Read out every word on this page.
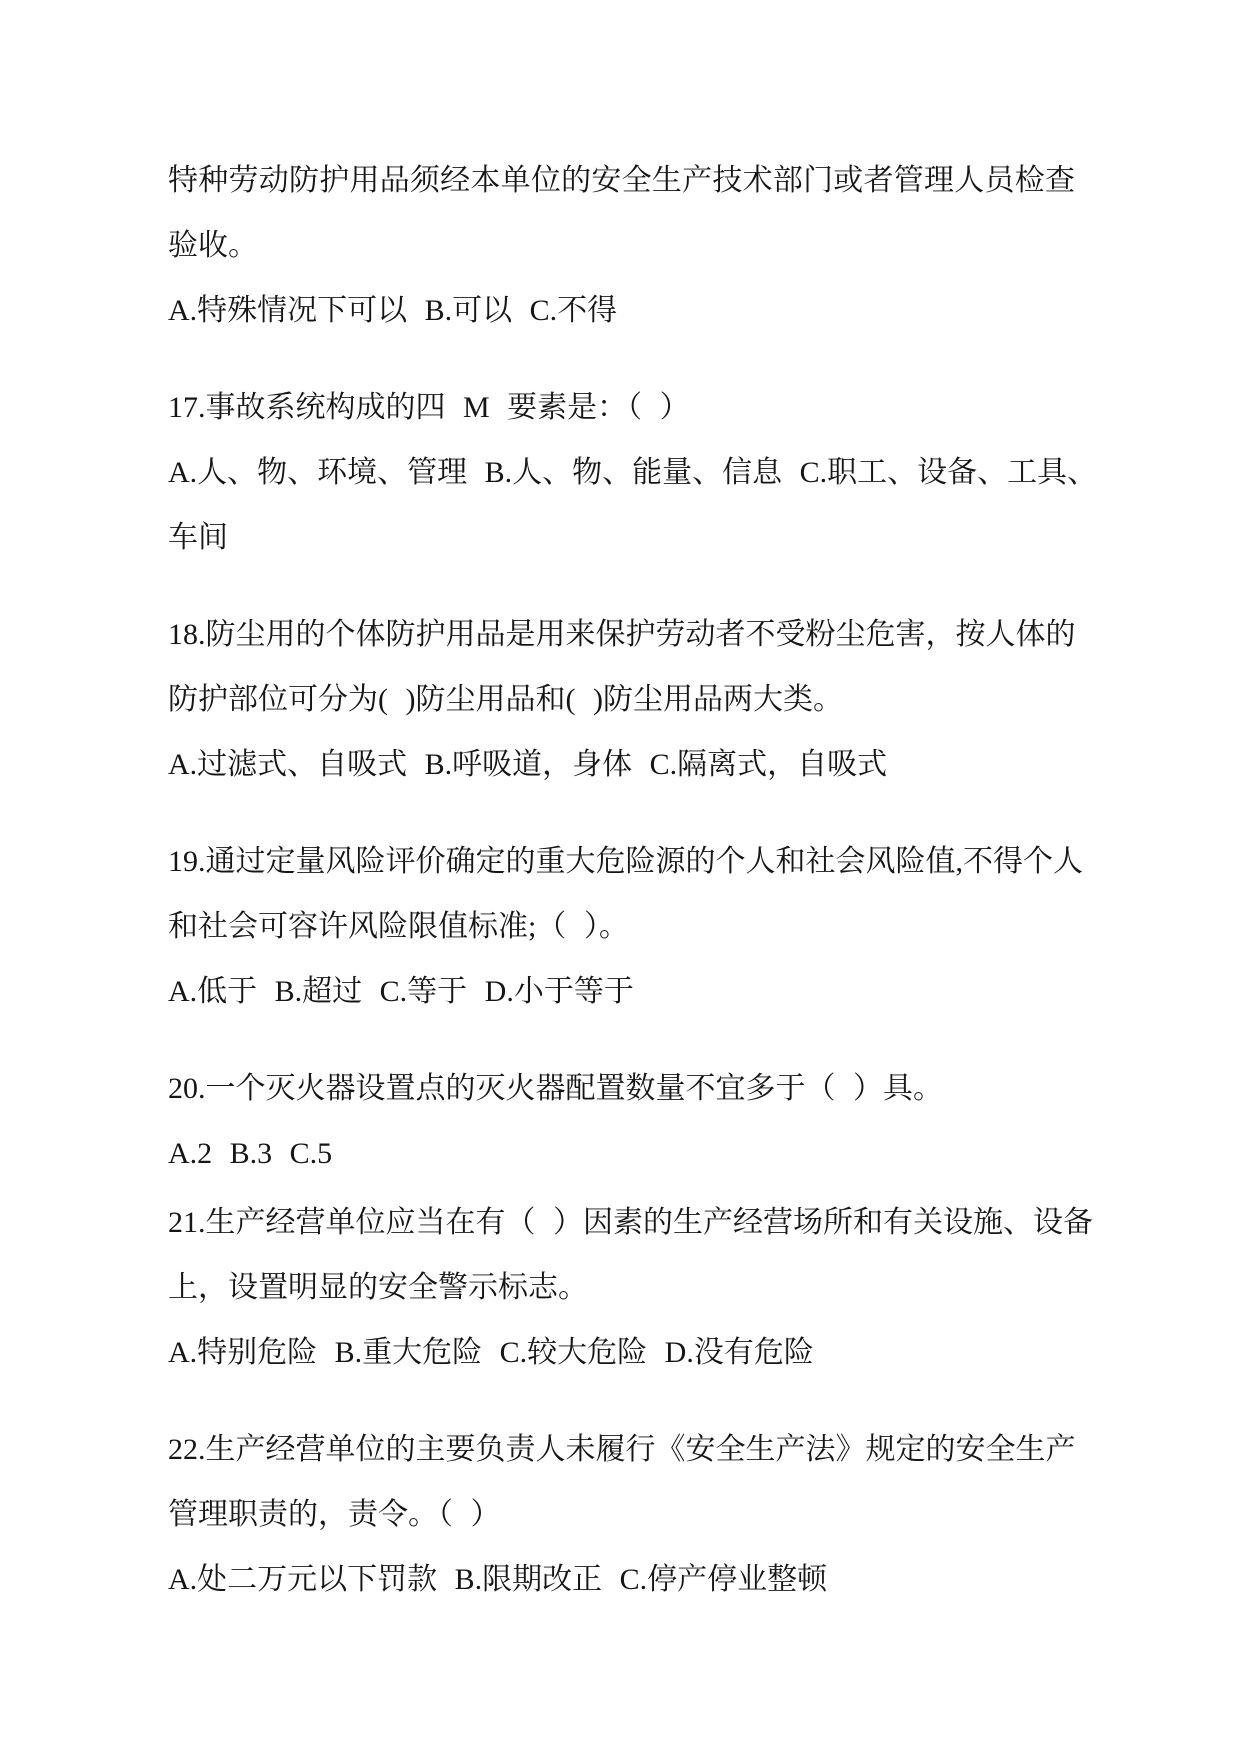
特种劳动防护用品须经本单位的安全生产技术部门或者管理人员检查
验收。
A.特殊情况下可以 B.可以 C.不得
17.事故系统构成的四 M 要素是：（ ）
A.人、物、环境、管理 B.人、物、能量、信息 C.职工、设备、工具、
车间
18.防尘用的个体防护用品是用来保护劳动者不受粉尘危害，按人体的
防护部位可分为( )防尘用品和( )防尘用品两大类。
A.过滤式、自吸式 B.呼吸道，身体 C.隔离式，自吸式
19.通过定量风险评价确定的重大危险源的个人和社会风险值,不得个人
和社会可容许风险限值标准;（ ）。
A.低于 B.超过 C.等于 D.小于等于
20.一个灭火器设置点的灭火器配置数量不宜多于（ ）具。
A.2 B.3 C.5
21.生产经营单位应当在有（ ）因素的生产经营场所和有关设施、设备
上，设置明显的安全警示标志。
A.特别危险 B.重大危险 C.较大危险 D.没有危险
22.生产经营单位的主要负责人未履行《安全生产法》规定的安全生产
管理职责的，责令。（ ）
A.处二万元以下罚款 B.限期改正 C.停产停业整顿
